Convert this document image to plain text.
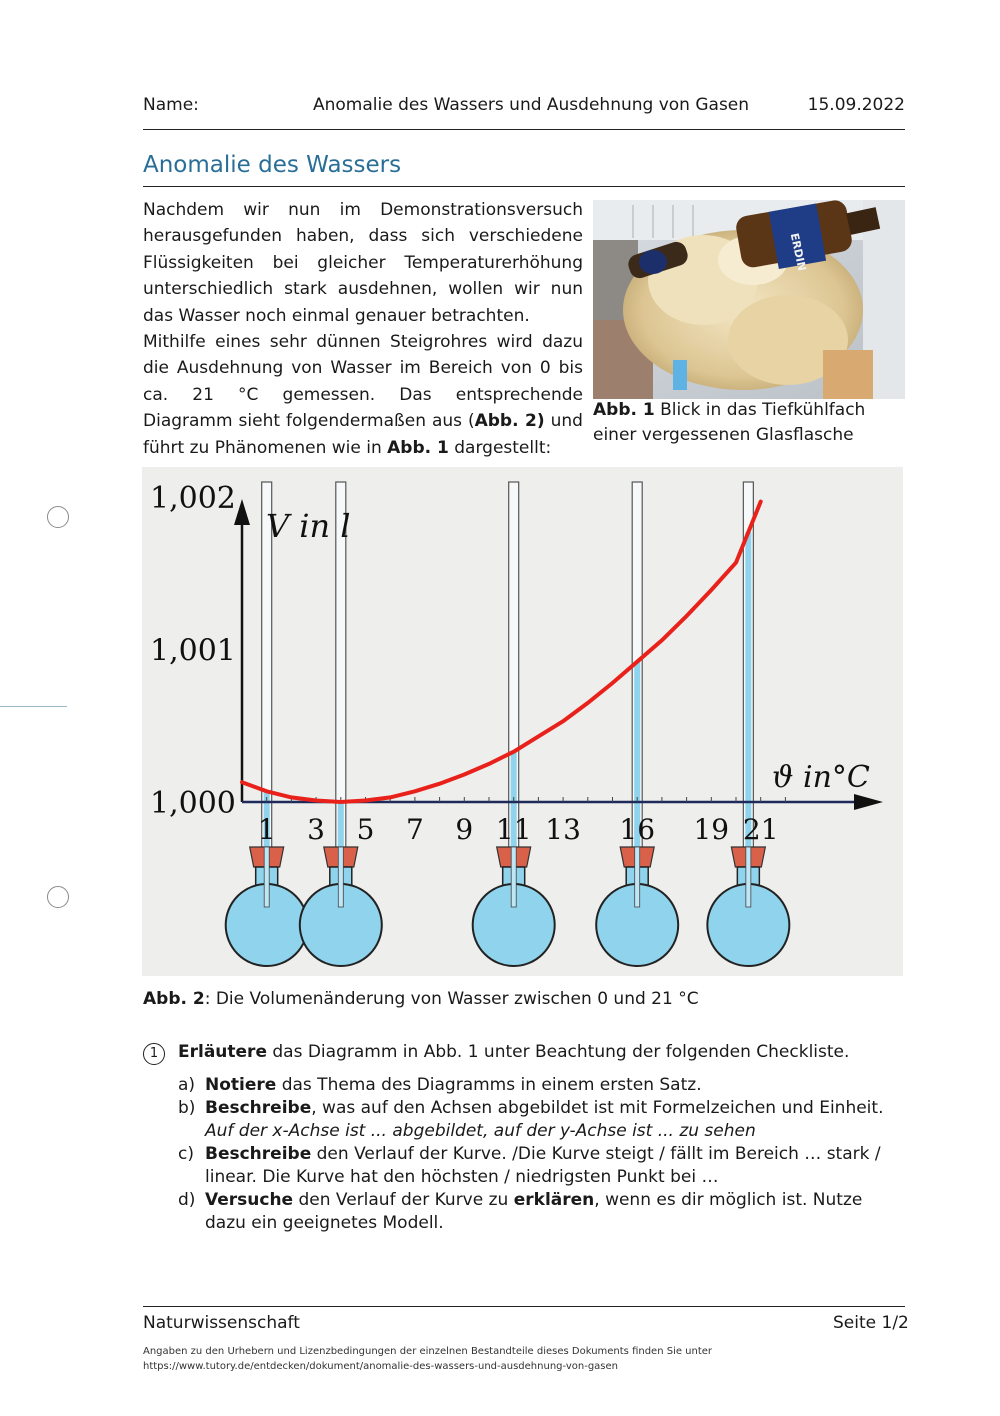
Name:	Anomalie des Wassers und Ausdehnung von Gasen	15.09.2022
Anomalie des Wassers

Nachdem wir nun im Demonstrationsversuch herausgefunden haben, dass sich verschiedene Flüssigkeiten bei gleicher Temperaturerhöhung unterschiedlich stark ausdehnen, wollen wir nun das Wasser noch einmal genauer betrachten.

Mithilfe eines sehr dünnen Steigrohres wird dazu die Ausdehnung von Wasser im Bereich von 0 bis ca. 21 °C gemessen. Das entsprechende Diagramm sieht folgendermaßen aus (Abb. 2) und führt zu Phänomenen wie in Abb. 1 dargestellt:

ERDIN
Abb. 1 Blick in das Tiefkühlfach einer vergessenen Glasflasche
1,002
1,001
1,000
1 3 5 7 9 11 13 16 19 21
V in l
ϑ in°C
Abb. 2: Die Volumenänderung von Wasser zwischen 0 und 21 °C
1	Erläutere das Diagramm in Abb. 1 unter Beachtung der folgenden Checkliste.
a) Notiere das Thema des Diagramms in einem ersten Satz.
b) Beschreibe, was auf den Achsen abgebildet ist mit Formelzeichen und Einheit. Auf der x-Achse ist ... abgebildet, auf der y-Achse ist ... zu sehen
c) Beschreibe den Verlauf der Kurve. /Die Kurve steigt / fällt im Bereich … stark / linear. Die Kurve hat den höchsten / niedrigsten Punkt bei …
d) Versuche den Verlauf der Kurve zu erklären, wenn es dir möglich ist. Nutze dazu ein geeignetes Modell.
Naturwissenschaft	Seite 1/2
Angaben zu den Urhebern und Lizenzbedingungen der einzelnen Bestandteile dieses Dokuments finden Sie unter
https://www.tutory.de/entdecken/dokument/anomalie-des-wassers-und-ausdehnung-von-gasen
